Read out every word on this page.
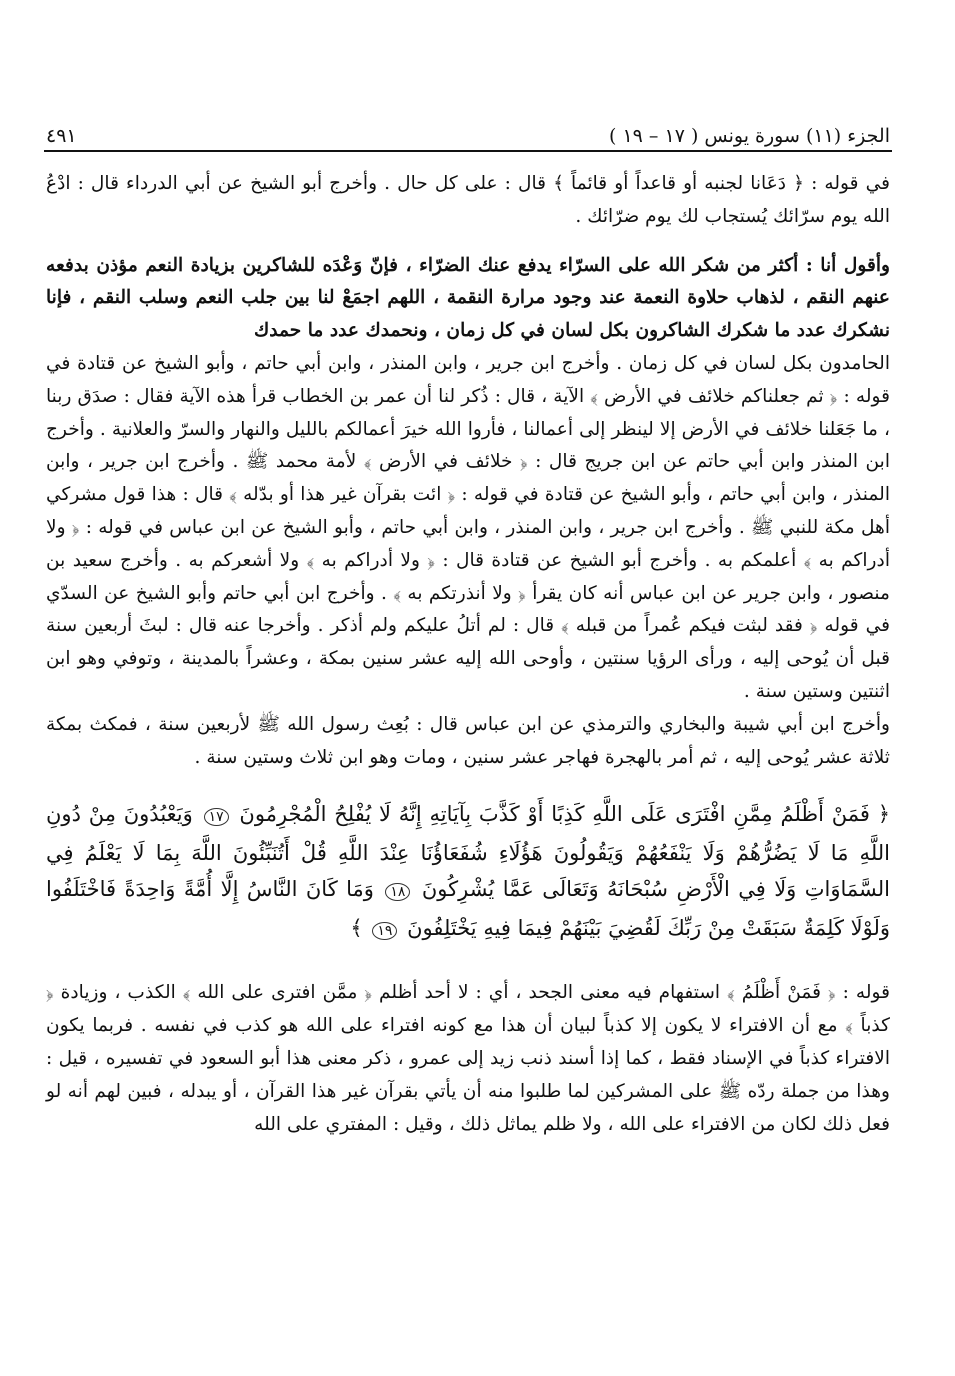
الجزء (١١) سورة يونس ( ١٧ – ١٩ )
٤٩١

في قوله : ﴿ دَعَانا لجنبه أو قاعداً أو قائماً ﴾ قال : على كل حال . وأخرج أبو الشيخ عن أبي الدرداء قال : ادْعُ الله يوم سرّائك يُستجاب لك يوم ضرّائك .

وأقول أنا : أكثر من شكر الله على السرّاء يدفع عنك الضرّاء ، فإنّ وَعْدَه للشاكرين بزيادة النعم مؤذن بدفعه عنهم النقم ، لذهاب حلاوة النعمة عند وجود مرارة النقمة ، اللهم اجمَعْ لنا بين جلب النعم وسلب النقم ، فإنا نشكرك عدد ما شكرك الشاكرون بكل لسان في كل زمان ، ونحمدك عدد ما حمدك

الحامدون بكل لسان في كل زمان . وأخرج ابن جرير ، وابن المنذر ، وابن أبي حاتم ، وأبو الشيخ عن قتادة في قوله : ﴿ ثم جعلناكم خلائف في الأرض ﴾ الآية ، قال : ذُكر لنا أن عمر بن الخطاب قرأ هذه الآية فقال : صدَق ربنا ، ما جَعَلنا خلائف في الأرض إلا لينظر إلى أعمالنا ، فأروا الله خيرَ أعمالكم بالليل والنهار والسرّ والعلانية . وأخرج ابن المنذر وابن أبي حاتم عن ابن جريج قال : ﴿ خلائف في الأرض ﴾ لأمة محمد ﷺ . وأخرج ابن جرير ، وابن المنذر ، وابن أبي حاتم ، وأبو الشيخ عن قتادة في قوله : ﴿ ائت بقرآن غير هذا أو بدّله ﴾ قال : هذا قول مشركي أهل مكة للنبي ﷺ . وأخرج ابن جرير ، وابن المنذر ، وابن أبي حاتم ، وأبو الشيخ عن ابن عباس في قوله : ﴿ ولا أدراكم به ﴾ أعلمكم به . وأخرج أبو الشيخ عن قتادة قال : ﴿ ولا أدراكم به ﴾ ولا أشعركم به . وأخرج سعيد بن منصور ، وابن جرير عن ابن عباس أنه كان يقرأ ﴿ ولا أنذرتكم به ﴾ . وأخرج ابن أبي حاتم وأبو الشيخ عن السدّي في قوله ﴿ فقد لبثت فيكم عُمراً من قبله ﴾ قال : لم أتلُ عليكم ولم أذكر . وأخرجا عنه قال : لبثَ أربعين سنة قبل أن يُوحى إليه ، ورأى الرؤيا سنتين ، وأوحى الله إليه عشر سنين بمكة ، وعشراً بالمدينة ، وتوفي وهو ابن اثنتين وستين سنة .

وأخرج ابن أبي شيبة والبخاري والترمذي عن ابن عباس قال : بُعِث رسول الله ﷺ لأربعين سنة ، فمكث بمكة ثلاثة عشر يُوحى إليه ، ثم أمر بالهجرة فهاجر عشر سنين ، ومات وهو ابن ثلاث وستين سنة .

﴿ فَمَنْ أَظْلَمُ مِمَّنِ افْتَرَى عَلَى اللَّهِ كَذِبًا أَوْ كَذَّبَ بِآيَاتِهِ إِنَّهُ لَا يُفْلِحُ الْمُجْرِمُونَ ١٧ وَيَعْبُدُونَ مِنْ دُونِ اللَّهِ مَا لَا يَضُرُّهُمْ وَلَا يَنْفَعُهُمْ وَيَقُولُونَ هَؤُلَاءِ شُفَعَاؤُنَا عِنْدَ اللَّهِ قُلْ أَتُنَبِّئُونَ اللَّهَ بِمَا لَا يَعْلَمُ فِي السَّمَاوَاتِ وَلَا فِي الْأَرْضِ سُبْحَانَهُ وَتَعَالَى عَمَّا يُشْرِكُونَ ١٨ وَمَا كَانَ النَّاسُ إِلَّا أُمَّةً وَاحِدَةً فَاخْتَلَفُوا وَلَوْلَا كَلِمَةٌ سَبَقَتْ مِنْ رَبِّكَ لَقُضِيَ بَيْنَهُمْ فِيمَا فِيهِ يَخْتَلِفُونَ ١٩ ﴾

قوله : ﴿ فَمَنْ أَظْلَمُ ﴾ استفهام فيه معنى الجحد ، أي : لا أحد أظلم ﴿ ممَّن افترى على الله ﴾ الكذب ، وزيادة ﴿ كذباً ﴾ مع أن الافتراء لا يكون إلا كذباً لبيان أن هذا مع كونه افتراء على الله هو كذب في نفسه . فربما يكون الافتراء كذباً في الإسناد فقط ، كما إذا أسند ذنب زيد إلى عمرو ، ذكر معنى هذا أبو السعود في تفسيره ، قيل : وهذا من جملة ردّه ﷺ على المشركين لما طلبوا منه أن يأتي بقرآن غير هذا القرآن ، أو يبدله ، فبين لهم أنه لو فعل ذلك لكان من الافتراء على الله ، ولا ظلم يماثل ذلك ، وقيل : المفتري على الله
